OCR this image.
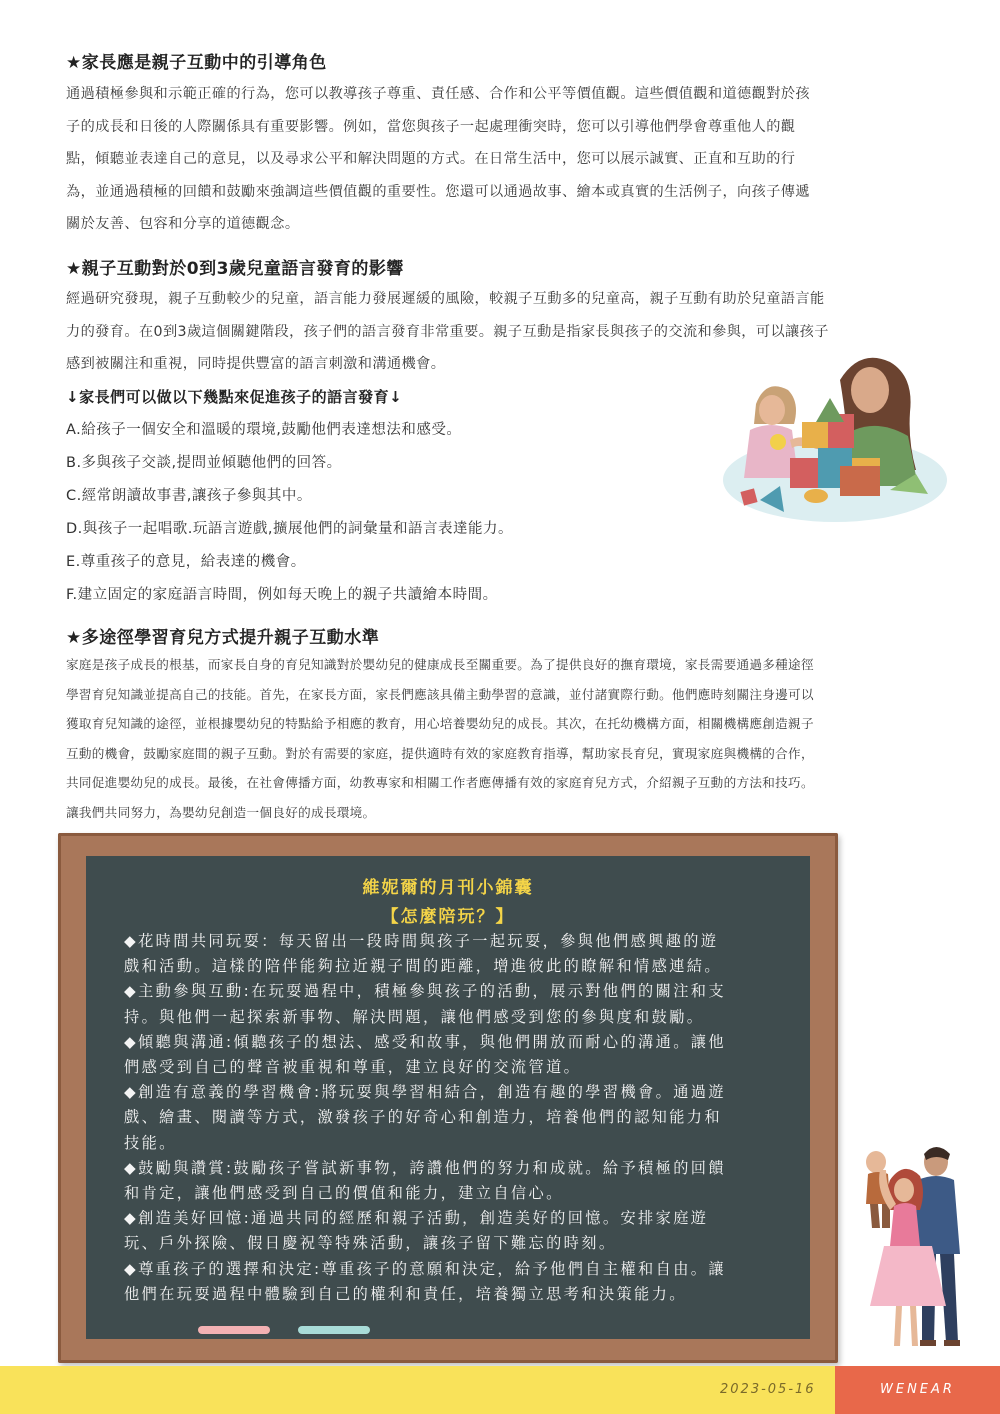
★家長應是親子互動中的引導角色

通過積極參與和示範正確的行為，您可以教導孩子尊重、責任感、合作和公平等價值觀。這些價值觀和道德觀對於孩

子的成長和日後的人際關係具有重要影響。例如，當您與孩子一起處理衝突時，您可以引導他們學會尊重他人的觀

點，傾聽並表達自己的意見，以及尋求公平和解決問題的方式。在日常生活中，您可以展示誠實、正直和互助的行

為，並通過積極的回饋和鼓勵來強調這些價值觀的重要性。您還可以通過故事、繪本或真實的生活例子，向孩子傳遞

關於友善、包容和分享的道德觀念。

★親子互動對於0到3歲兒童語言發育的影響

經過研究發現，親子互動較少的兒童，語言能力發展遲緩的風險，較親子互動多的兒童高，親子互動有助於兒童語言能

力的發育。在0到3歲這個關鍵階段，孩子們的語言發育非常重要。親子互動是指家長與孩子的交流和參與，可以讓孩子

感到被關注和重視，同時提供豐富的語言刺激和溝通機會。

↓家長們可以做以下幾點來促進孩子的語言發育↓
A.給孩子一個安全和溫暖的環境,鼓勵他們表達想法和感受。
B.多與孩子交談,提問並傾聽他們的回答。
C.經常朗讀故事書,讓孩子參與其中。
D.與孩子一起唱歌.玩語言遊戲,擴展他們的詞彙量和語言表達能力。
E.尊重孩子的意見，給表達的機會。
F.建立固定的家庭語言時間，例如每天晚上的親子共讀繪本時間。
★多途徑學習育兒方式提升親子互動水準

家庭是孩子成長的根基，而家長自身的育兒知識對於嬰幼兒的健康成長至關重要。為了提供良好的撫育環境，家長需要通過多種途徑

學習育兒知識並提高自己的技能。首先，在家長方面，家長們應該具備主動學習的意識，並付諸實際行動。他們應時刻關注身邊可以

獲取育兒知識的途徑，並根據嬰幼兒的特點給予相應的教育，用心培養嬰幼兒的成長。其次，在托幼機構方面，相關機構應創造親子

互動的機會，鼓勵家庭間的親子互動。對於有需要的家庭，提供適時有效的家庭教育指導，幫助家長育兒，實現家庭與機構的合作，

共同促進嬰幼兒的成長。最後，在社會傳播方面，幼教專家和相關工作者應傳播有效的家庭育兒方式，介紹親子互動的方法和技巧。

讓我們共同努力，為嬰幼兒創造一個良好的成長環境。

維妮爾的月刊小錦囊
【怎麼陪玩？】

◆花時間共同玩耍：每天留出一段時間與孩子一起玩耍，參與他們感興趣的遊

戲和活動。這樣的陪伴能夠拉近親子間的距離，增進彼此的瞭解和情感連結。

◆主動參與互動:在玩耍過程中，積極參與孩子的活動，展示對他們的關注和支

持。與他們一起探索新事物、解決問題，讓他們感受到您的參與度和鼓勵。

◆傾聽與溝通:傾聽孩子的想法、感受和故事，與他們開放而耐心的溝通。讓他

們感受到自己的聲音被重視和尊重，建立良好的交流管道。

◆創造有意義的學習機會:將玩耍與學習相結合，創造有趣的學習機會。通過遊

戲、繪畫、閱讀等方式，激發孩子的好奇心和創造力，培養他們的認知能力和

技能。

◆鼓勵與讚賞:鼓勵孩子嘗試新事物，誇讚他們的努力和成就。給予積極的回饋

和肯定，讓他們感受到自己的價值和能力，建立自信心。

◆創造美好回憶:通過共同的經歷和親子活動，創造美好的回憶。安排家庭遊

玩、戶外探險、假日慶祝等特殊活動，讓孩子留下難忘的時刻。

◆尊重孩子的選擇和決定:尊重孩子的意願和決定，給予他們自主權和自由。讓

他們在玩耍過程中體驗到自己的權利和責任，培養獨立思考和決策能力。

2023-05-16	WENEAR
